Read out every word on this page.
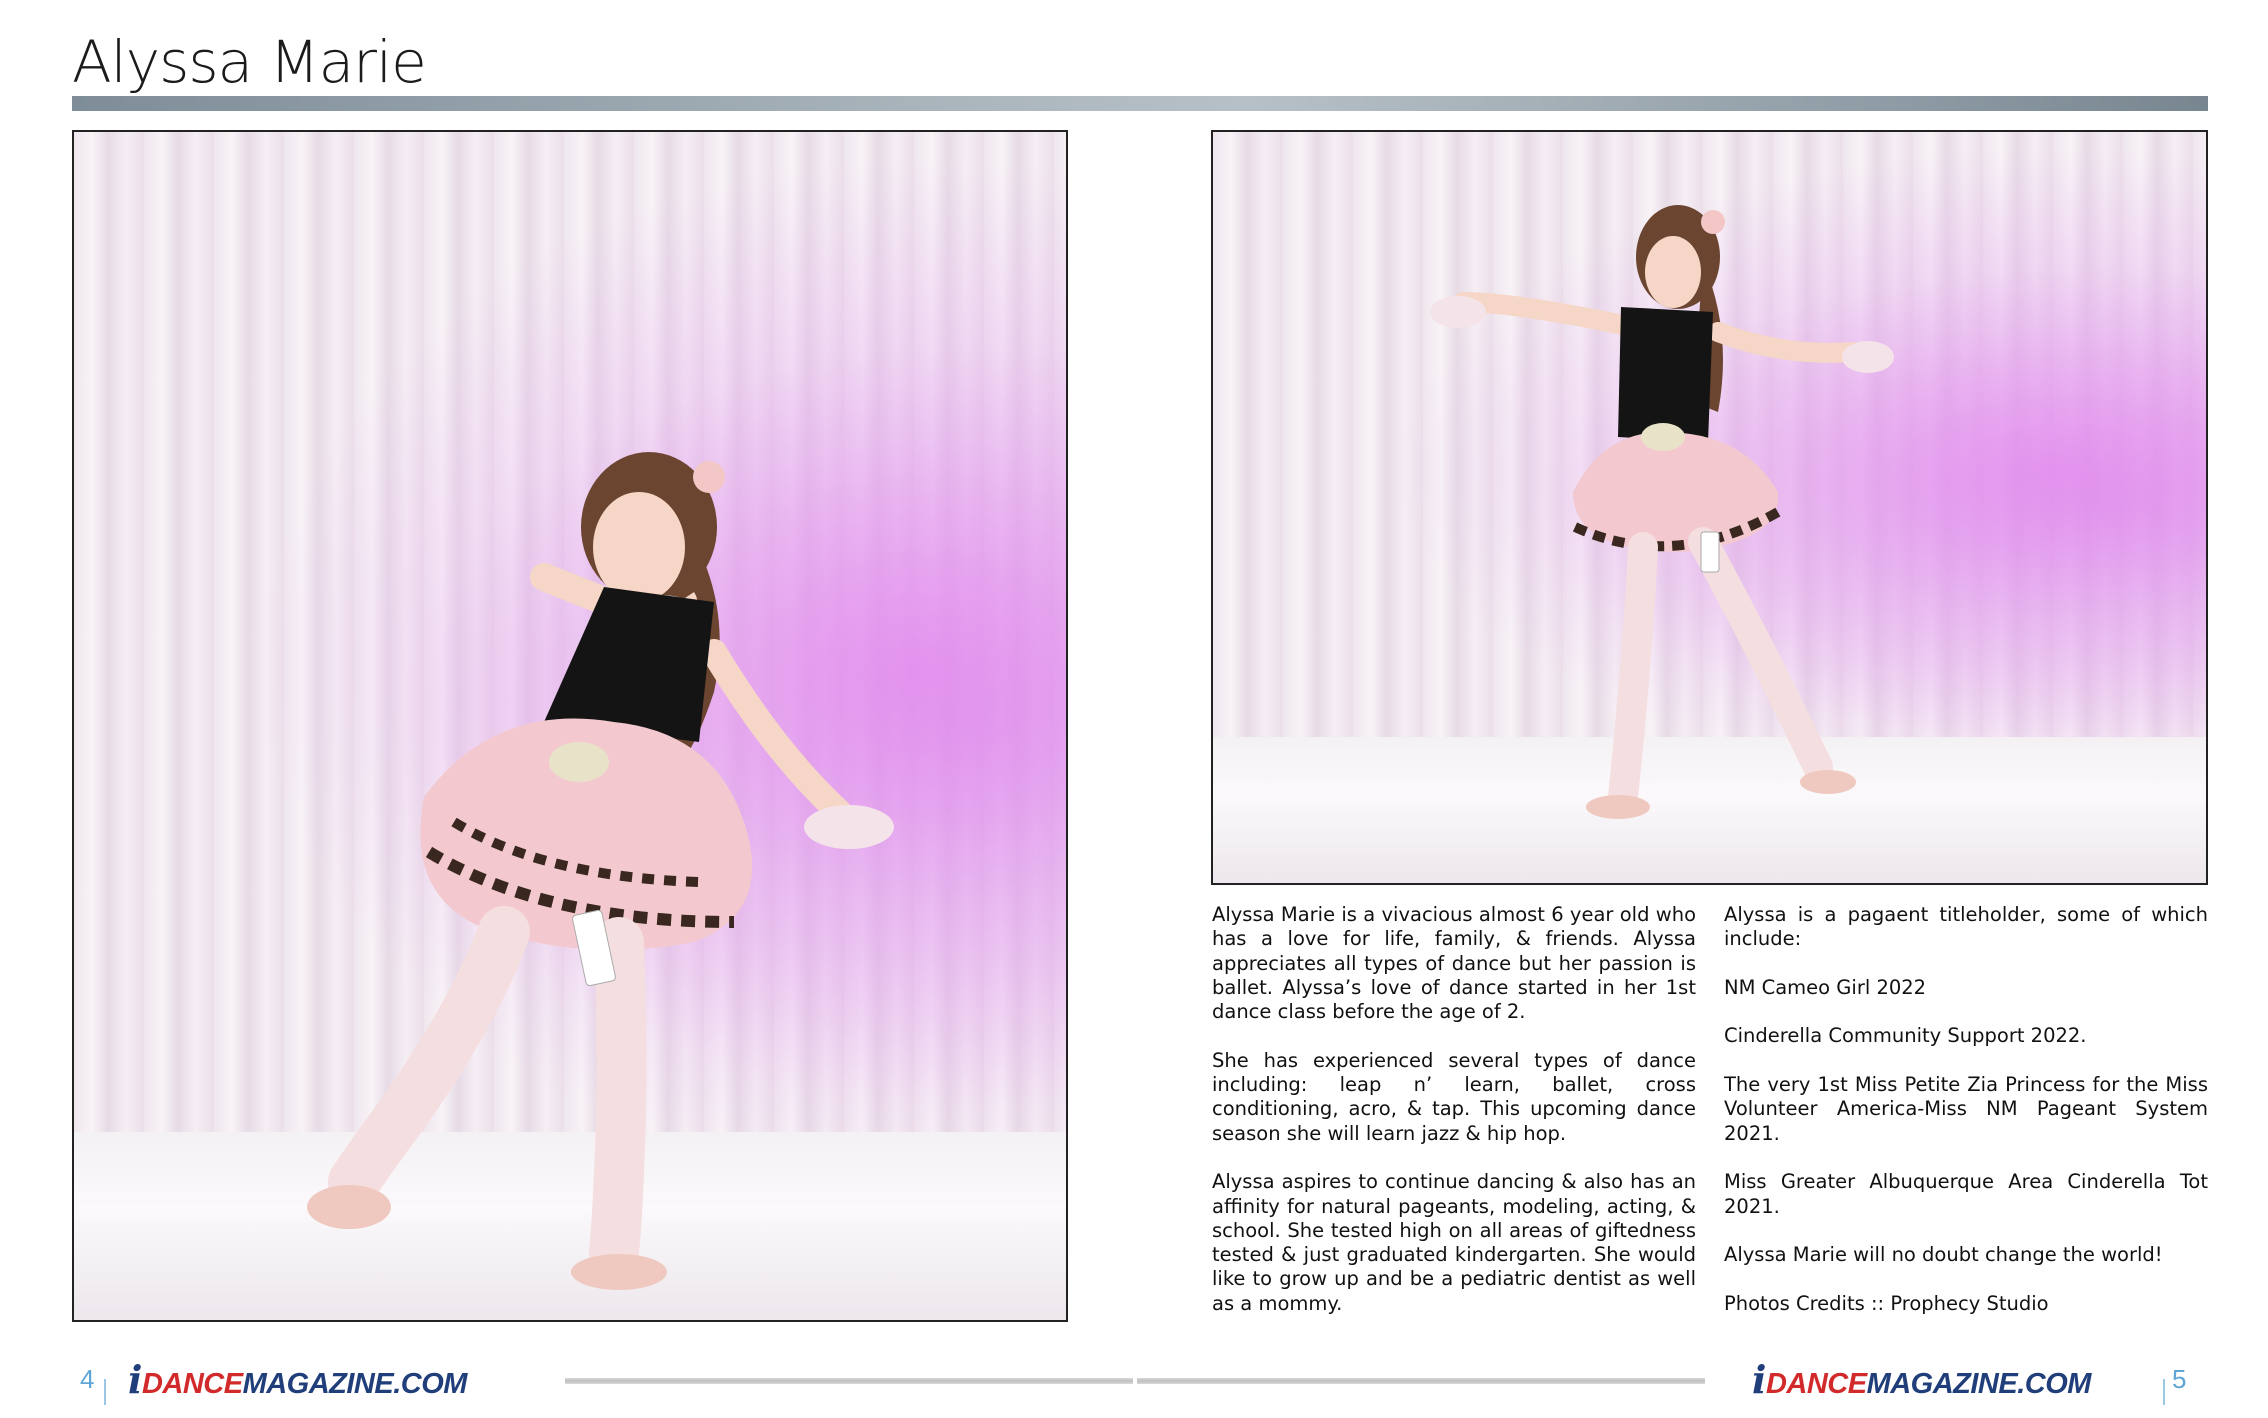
Alyssa Marie

Alyssa Marie is a vivacious almost 6 year old who has a love for life, family, & friends. Alyssa appreciates all types of dance but her passion is ballet. Alyssa’s love of dance started in her 1st dance class before the age of 2.

She has experienced several types of dance including: leap n’ learn, ballet, cross conditioning, acro, & tap. This upcoming dance season she will learn jazz & hip hop.

Alyssa aspires to continue dancing & also has an affinity for natural pageants, modeling, acting, & school. She tested high on all areas of giftedness tested & just graduated kindergarten. She would like to grow up and be a pediatric dentist as well as a mommy.

Alyssa is a pagaent titleholder, some of which include:

NM Cameo Girl 2022

Cinderella Community Support 2022.

The very 1st Miss Petite Zia Princess for the Miss Volunteer America-Miss NM Pageant System 2021.

Miss Greater Albuquerque Area Cinderella Tot 2021.

Alyssa Marie will no doubt change the world!

Photos Credits :: Prophecy Studio

4 iDANCEMAGAZINE.COM	iDANCEMAGAZINE.COM	5
